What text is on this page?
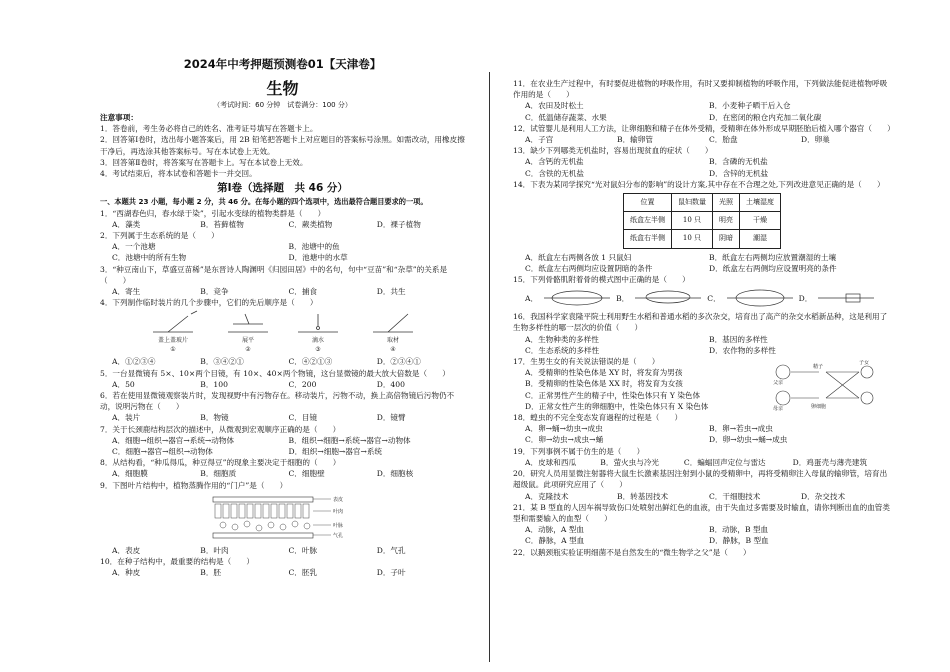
2024年中考押题预测卷01【天津卷】
生物
（考试时间：60 分钟　试卷满分：100 分）
注意事项：
1．答卷前，考生务必将自己的姓名、准考证号填写在答题卡上。
2．回答第Ⅰ卷时，选出每小题答案后，用 2B 铅笔把答题卡上对应题目的答案标号涂黑。如需改动，用橡皮擦干净后，再选涂其他答案标号。写在本试卷上无效。
3．回答第Ⅱ卷时，将答案写在答题卡上。写在本试卷上无效。
4．考试结束后，将本试卷和答题卡一并交回。
第Ⅰ卷（选择题　共 46 分）
一、本题共 23 小题，每小题 2 分，共 46 分。在每小题的四个选项中，选出最符合题目要求的一项。
1．“西湖春色归，春水绿于染”，引起水变绿的植物类群是（　　）
A．藻类	B．苔藓植物	C．蕨类植物	D．裸子植物
2．下列属于生态系统的是（　　）
A．一个池塘	B．池塘中的鱼
C．池塘中的所有生物	D．池塘中的水草
3．“种豆南山下，草盛豆苗稀”是东晋诗人陶渊明《归园田居》中的名句，句中“豆苗”和“杂草”的关系是（　　）
A．寄生	B．竞争	C．捕食	D．共生
4．下列制作临时装片的几个步骤中，它们的先后顺序是（　　）
盖上盖玻片	展平	滴水	取材
①	②	③	④
A．①②③④	B．③④②①	C．④②①③	D．②③④①
5．一台显微镜有 5×、10×两个目镜，有 10×、40×两个物镜，这台显微镜的最大放大倍数是（　　）
A．50	B．100	C．200	D．400
6．若在使用显微镜观察装片时，发现视野中有污物存在。移动装片，污物不动，换上高倍物镜后污物仍不动，说明污物在（　　）
A．装片	B．物镜	C．目镜	D．镜臂
7．关于长颈鹿结构层次的描述中，从微观到宏观顺序正确的是（　　）
A．细胞→组织→器官→系统→动物体	B．组织→细胞→系统→器官→动物体
C．细胞→器官→组织→动物体	D．组织→细胞→器官→系统
8．从结构看，“种瓜得瓜，种豆得豆”的现象主要决定于细胞的（　　）
A．细胞膜	B．细胞质	C．细胞壁	D．细胞核
9．下图叶片结构中，植物蒸腾作用的“门户”是（　　）
表皮
叶肉
叶脉
气孔
A．表皮	B．叶肉	C．叶脉	D．气孔
10．在种子结构中，最重要的结构是（　　）
A．种皮	B．胚	C．胚乳	D．子叶
11．在农业生产过程中，有时要促进植物的呼吸作用，有时又要抑制植物的呼吸作用，下列做法能促进植物呼吸作用的是（　　）
A．农田及时松土	B．小麦种子晒干后入仓
C．低温储存蔬菜、水果	D．在密闭的粮仓内充加二氧化碳
12．试管婴儿是利用人工方法，让卵细胞和精子在体外受精，受精卵在体外形成早期胚胎后植入哪个器官（　　）
A．子宫	B．输卵管	C．胎盘	D．卵巢
13．缺少下列哪类无机盐时，容易出现贫血的症状（　　）
A．含钙的无机盐	B．含磷的无机盐
C．含铁的无机盐	D．含锌的无机盐
14．下表为某同学探究“光对鼠妇分布的影响”的设计方案,其中存在不合理之处,下列改进意见正确的是（　　）
位置	鼠妇数量	光照	土壤湿度
纸盒左半侧	10 只	明亮	干燥
纸盒右半侧	10 只	阴暗	潮湿
A．纸盒左右两侧各放 1 只鼠妇	B．纸盒左右两侧均应放置潮湿的土壤
C．纸盒左右两侧均应设置阴暗的条件	D．纸盒左右两侧均应设置明亮的条件
15．下列骨骼肌附着骨的模式图中正确的是（　　）
A．	B．	C．	D．
16．我国科学家袁隆平院士利用野生水稻和普通水稻的多次杂交，培育出了高产的杂交水稻新品种，这是利用了生物多样性的哪一层次的价值（　　）
A．生物种类的多样性	B．基因的多样性
C．生态系统的多样性	D．农作物的多样性
17．生男生女的有关说法错误的是（　　）
A．受精卵的性染色体是 XY 时，将发育为男孩
B．受精卵的性染色体是 XX 时，将发育为女孩
C．正常男性产生的精子中，性染色体只有 Y 染色体
D．正常女性产生的卵细胞中，性染色体只有 X 染色体
父亲
母亲
精子
卵细胞
子女
18．蝗虫的不完全变态发育過程的过程是（　　）
A．卵→蛹→幼虫→成虫	B．卵→若虫→成虫
C．卵→幼虫→成虫→蛹	D．卵→幼虫→蛹→成虫
19．下列事例不属于仿生的是（　　）
A．皮球和西瓜	B．萤火虫与冷光	C．蝙蝠回声定位与雷达	D．鸡蛋壳与薄壳建筑
20．研究人员用显微注射器将大鼠生长激素基因注射到小鼠的受精卵中，再将受精卵注入母鼠的输卵管，培育出超级鼠。此项研究应用了（　　）
A．克隆技术	B．转基因技术	C．干细胞技术	D．杂交技术
21．某 B 型血的人因车祸导致伤口处喷射出鲜红色的血液，由于失血过多需要及时输血，请你判断出血的血管类型和需要输入的血型（　　）
A．动脉，A 型血	B．动脉，B 型血
C．静脉，A 型血	D．静脉，B 型血
22．以鹅颈瓶实验证明细菌不是自然发生的“微生物学之父”是（　　）
